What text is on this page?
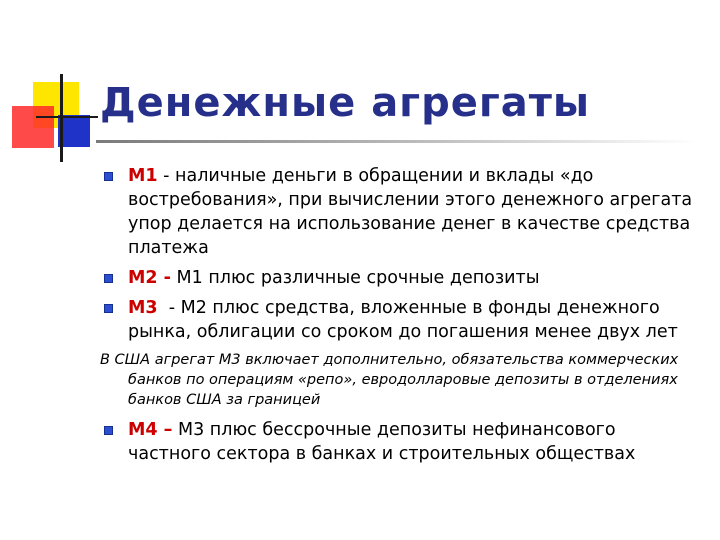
Денежные агрегаты
М1 - наличные деньги в обращении и вклады «до востребования», при вычислении этого денежного агрегата упор делается на использование денег в качестве средства платежа
М2 - М1 плюс различные срочные депозиты
М3  - М2 плюс средства, вложенные в фонды денежного рынка, облигации со сроком до погашения менее двух лет
В США агрегат М3 включает дополнительно, обязательства коммерческих банков по операциям «репо», евродолларовые депозиты в отделениях банков США за границей
М4 – М3 плюс бессрочные депозиты нефинансового частного сектора в банках и строительных обществах
